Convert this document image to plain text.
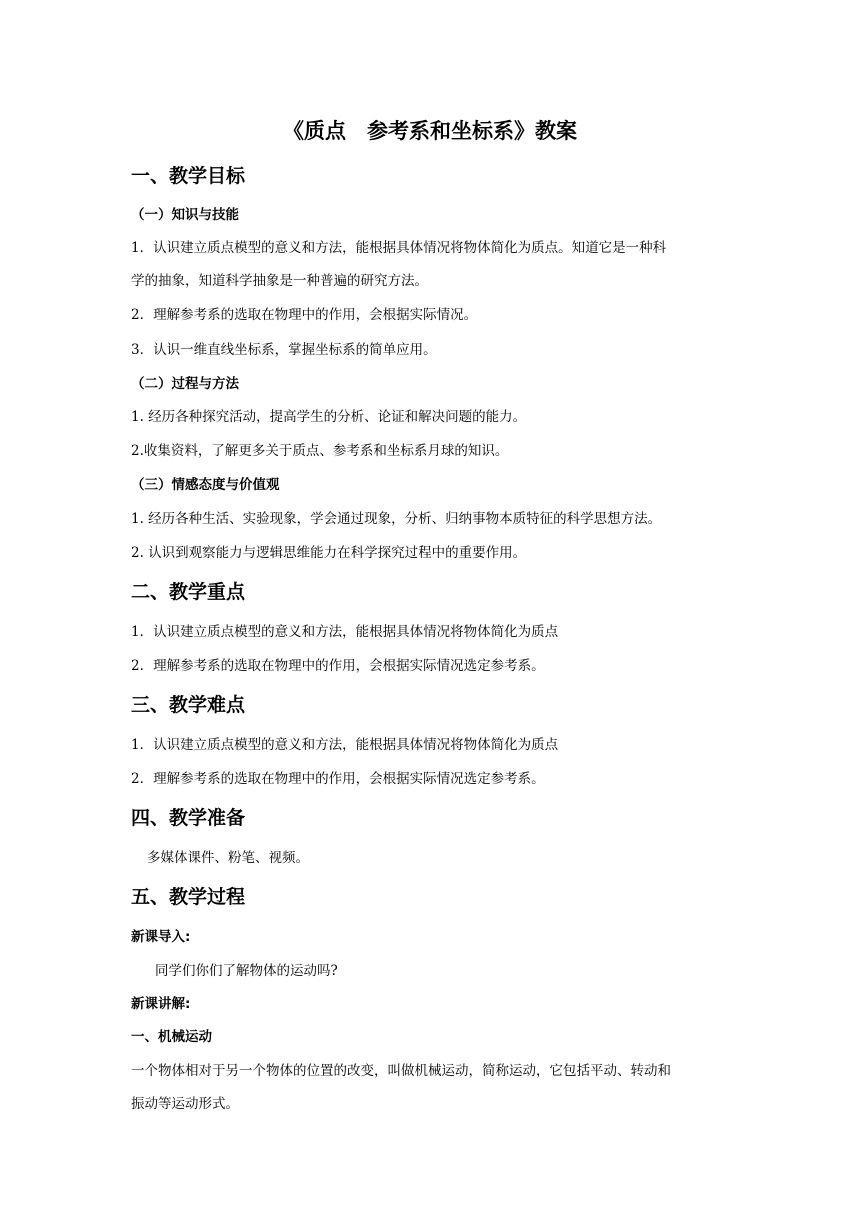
《质点　参考系和坐标系》教案
一、教学目标
（一）知识与技能

1．认识建立质点模型的意义和方法，能根据具体情况将物体简化为质点。知道它是一种科

学的抽象，知道科学抽象是一种普遍的研究方法。

2．理解参考系的选取在物理中的作用，会根据实际情况。

3．认识一维直线坐标系，掌握坐标系的简单应用。

（二）过程与方法

1. 经历各种探究活动，提高学生的分析、论证和解决问题的能力。

2.收集资料，了解更多关于质点、参考系和坐标系月球的知识。

（三）情感态度与价值观

1. 经历各种生活、实验现象，学会通过现象，分析、归纳事物本质特征的科学思想方法。

2. 认识到观察能力与逻辑思维能力在科学探究过程中的重要作用。

二、教学重点

1．认识建立质点模型的意义和方法，能根据具体情况将物体简化为质点

2．理解参考系的选取在物理中的作用，会根据实际情况选定参考系。

三、教学难点

1．认识建立质点模型的意义和方法，能根据具体情况将物体简化为质点

2．理解参考系的选取在物理中的作用，会根据实际情况选定参考系。

四、教学准备

多媒体课件、粉笔、视频。

五、教学过程
新课导入:

同学们你们了解物体的运动吗?

新课讲解:
一、机械运动

一个物体相对于另一个物体的位置的改变，叫做机械运动，简称运动，它包括平动、转动和

振动等运动形式。
